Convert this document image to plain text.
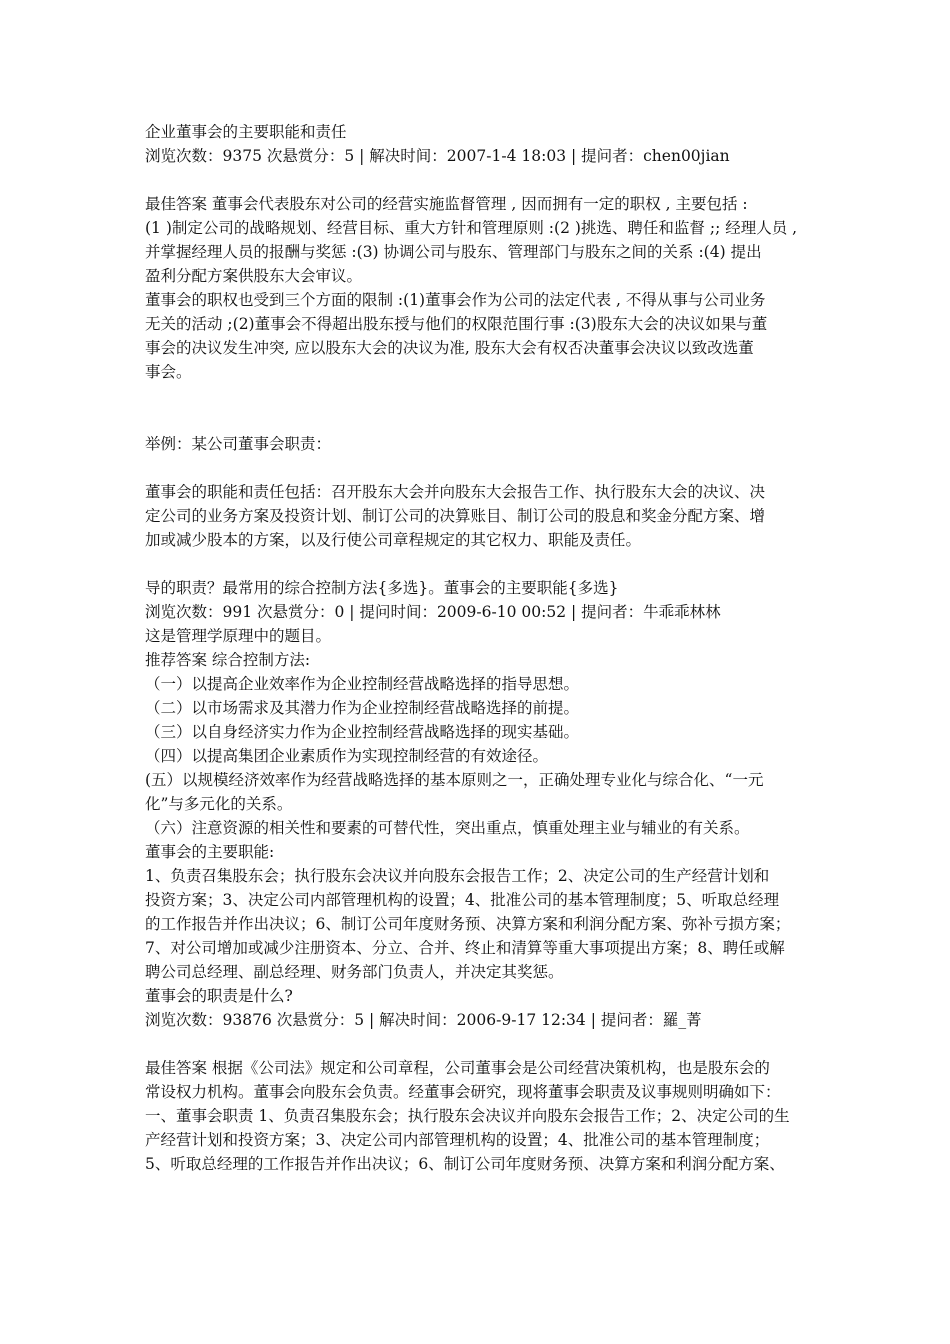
企业董事会的主要职能和责任
浏览次数：9375 次悬赏分：5 | 解决时间：2007-1-4 18:03 | 提问者：chen00jian
最佳答案 董事会代表股东对公司的经营实施监督管理 , 因而拥有一定的职权 , 主要包括 :
(1 )制定公司的战略规划、经营目标、重大方针和管理原则 :(2 )挑选、聘任和监督 ;; 经理人员 ,
并掌握经理人员的报酬与奖惩 :(3) 协调公司与股东、管理部门与股东之间的关系 :(4) 提出
盈利分配方案供股东大会审议。
董事会的职权也受到三个方面的限制 :(1)董事会作为公司的法定代表 , 不得从事与公司业务
无关的活动 ;(2)董事会不得超出股东授与他们的权限范围行事 :(3)股东大会的决议如果与董
事会的决议发生冲突, 应以股东大会的决议为准, 股东大会有权否决董事会决议以致改选董
事会。
举例：某公司董事会职责：
董事会的职能和责任包括：召开股东大会并向股东大会报告工作、执行股东大会的决议、决
定公司的业务方案及投资计划、制订公司的决算账目、制订公司的股息和奖金分配方案、增
加或减少股本的方案，以及行使公司章程规定的其它权力、职能及责任。
导的职责？最常用的综合控制方法{多选}。董事会的主要职能{多选}
浏览次数：991 次悬赏分：0 | 提问时间：2009-6-10 00:52 | 提问者：牛乖乖林林
这是管理学原理中的题目。
推荐答案 综合控制方法:
（一）以提高企业效率作为企业控制经营战略选择的指导思想。
（二）以市场需求及其潜力作为企业控制经营战略选择的前提。
（三）以自身经济实力作为企业控制经营战略选择的现实基础。
（四）以提高集团企业素质作为实现控制经营的有效途径。
(五）以规模经济效率作为经营战略选择的基本原则之一，正确处理专业化与综合化、“一元
化”与多元化的关系。
（六）注意资源的相关性和要素的可替代性，突出重点，慎重处理主业与辅业的有关系。
董事会的主要职能:
1、负责召集股东会；执行股东会决议并向股东会报告工作；2、决定公司的生产经营计划和
投资方案；3、决定公司内部管理机构的设置；4、批准公司的基本管理制度；5、听取总经理
的工作报告并作出决议；6、制订公司年度财务预、决算方案和利润分配方案、弥补亏损方案；
7、对公司增加或减少注册资本、分立、合并、终止和清算等重大事项提出方案；8、聘任或解
聘公司总经理、副总经理、财务部门负责人，并决定其奖惩。
董事会的职责是什么?
浏览次数：93876 次悬赏分：5 | 解决时间：2006-9-17 12:34 | 提问者：羅_菁
最佳答案 根据《公司法》规定和公司章程，公司董事会是公司经营决策机构，也是股东会的
常设权力机构。董事会向股东会负责。经董事会研究，现将董事会职责及议事规则明确如下：
一、董事会职责 1、负责召集股东会；执行股东会决议并向股东会报告工作；2、决定公司的生
产经营计划和投资方案；3、决定公司内部管理机构的设置；4、批准公司的基本管理制度；
5、听取总经理的工作报告并作出决议；6、制订公司年度财务预、决算方案和利润分配方案、
